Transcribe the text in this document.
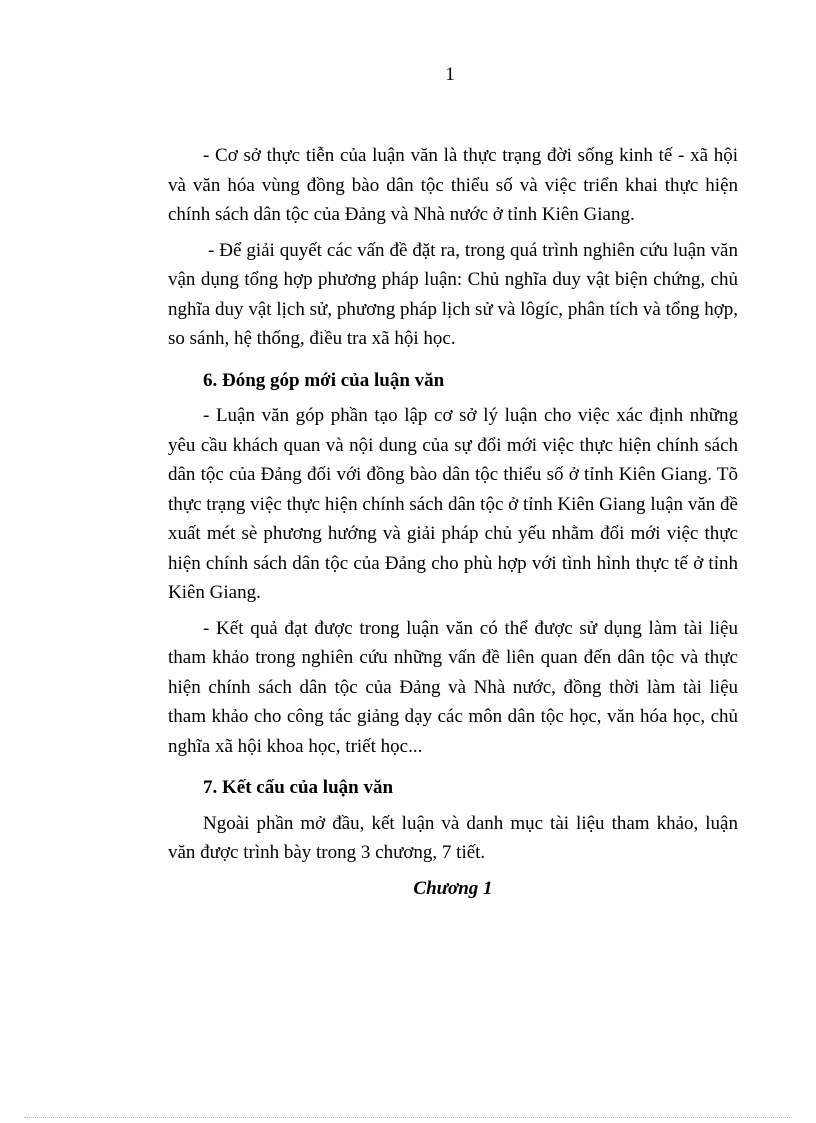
1

- Cơ sở thực tiễn của luận văn là thực trạng đời sống kinh tế - xã hội và văn hóa vùng đồng bào dân tộc thiểu số và việc triển khai thực hiện chính sách dân tộc của Đảng và Nhà nước ở tỉnh Kiên Giang.

- Để giải quyết các vấn đề đặt ra, trong quá trình nghiên cứu luận văn vận dụng tổng hợp phương pháp luận: Chủ nghĩa duy vật biện chứng, chủ nghĩa duy vật lịch sử, phương pháp lịch sử và lôgíc, phân tích và tổng hợp, so sánh, hệ thống, điều tra xã hội học.

6. Đóng góp mới của luận văn

- Luận văn góp phần tạo lập cơ sở lý luận cho việc xác định những yêu cầu khách quan và nội dung của sự đổi mới việc thực hiện chính sách dân tộc của Đảng đối với đồng bào dân tộc thiểu số ở tỉnh Kiên Giang. Tõ thực trạng việc thực hiện chính sách dân tộc ở tỉnh Kiên Giang luận văn đề xuất mét sè phương hướng và giải pháp chủ yếu nhằm đổi mới việc thực hiện chính sách dân tộc của Đảng cho phù hợp với tình hình thực tế ở tỉnh Kiên Giang.

- Kết quả đạt được trong luận văn có thể được sử dụng làm tài liệu tham khảo trong nghiên cứu những vấn đề liên quan đến dân tộc và thực hiện chính sách dân tộc của Đảng và Nhà nước, đồng thời làm tài liệu tham khảo cho công tác giảng dạy các môn dân tộc học, văn hóa học, chủ nghĩa xã hội khoa học, triết học...

7. Kết cấu của luận văn

Ngoài phần mở đầu, kết luận và danh mục tài liệu tham khảo, luận văn được trình bày trong 3 chương, 7 tiết.

Chương 1
